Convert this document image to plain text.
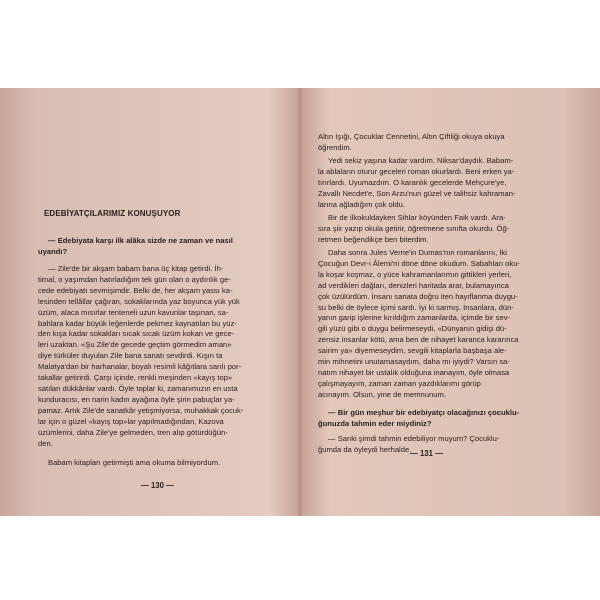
EDEBİYATÇILARIMIZ KONUŞUYOR
— Edebiyata karşı ilk alâka sizde ne zaman ve nasıl
uyandı?
— Zile'de bir akşam babam bana üç kitap getirdi. İh-
timal, o yaşımdan hatırladığım tek gün olan o aydınlık ge-
cede edebiyatı sevmişimdir. Belki de, her akşam yassı ka-
lesinden tellâllar çağıran, sokaklarında yaz boyunca yük yük
üzüm, alaca mısırlar tenteneli uzun kavunlar taşınan, sa-
bahlara kadar büyük leğenlerde pekmez kaynatılan bu yüz-
den kışa kadar sokakları sıcak sıcak üzüm kokan ve gece-
leri uzaktan. «Şu Zile'de gecede geçtim görmedim aman»
diye türküler duyulan Zile bana sanatı sevdirdi. Kışın ta
Malatya'dan bir harhanalar, boyalı resimli kâğıtlara sarılı por-
takallar getirirdi. Çarşı içinde, renkli meşinden «kayış top»
satılan dükkânlar vardı. Öyle toplar ki, zamanımızın en usta
kunduracısı, en narin kadın ayağına öyle şirin pabuçlar ya-
pamaz. Artık Zile'de sanatkâr yetişmiyorsa, muhakkak çocuk-
lar için o güzel «kayış top»lar yapılmadığından, Kazova
üzümlerini, daha Zile'ye gelmeden, tren alıp götürdüğün-
den.
Babam kitapları getirmişti ama okuma bilmiyordum.
— 130 —
Altın Işığı, Çocuklar Cennetini, Altın Çiftliği okuya okuya
öğrendim.
Yedi sekiz yaşına kadar vardım. Niksar'daydık. Babam-
la ablaların oturur geceleri roman okurlardı. Beni erken ya-
tırırlardı. Uyumazdım. O karanlık gecelerde Mehçure'ye,
Zavallı Necdet'e, Son Arzu'nun güzel ve talihsiz kahraman-
larına ağladığım çok oldu.
Bir de ilkokuldayken Sihlar köyünden Faik vardı. Ara-
sıra şiir yazıp okula getirir, öğretmene sınıfta okurdu. Öğ-
retmen beğendikçe ben biterdim.
Daha sonra Jules Verne'in Dumas'nın romanlarını, İki
Çocuğun Devr-i Âlemi'ni döne döne okudum. Sabahları oku-
la koşar koşmaz, o yüce kahramanlarımın gittikleri yerleri,
ad verdikleri dağları, denizleri haritada arar, bulamayınca
çok üzülürdüm. İnsanı sanata doğru iten hayıflanma duygu-
su belki de öylece içimi sardı. İyi ki sarmış. İnsanlara, dün-
yanın garip işlerine kırıldığım zamanlarda, içimde bir sev-
gili yüzü gibi o duygu belirmeseydi, «Dünyanın gidişi dü-
zensiz insanlar kötü, ama ben de nihayet karanca kararınca
sairim ya» diyemeseydim, sevgili kitaplarla başbaşa ale-
min mihnetini unutamasaydım, daha mı iyiydi? Varsın sa-
natım nihayet bir ustalık olduğuna inanayım, öyle olmasa
çalışmayayım, zaman zaman yazdıklarımı görüp
acınayım. Olsun, yine de memnunum.
— Bir gün meşhur bir edebiyatçı olacağınızı çocuklu-
ğunuzda tahmin eder miydiniz?
— Sanki şimdi tahmin edebiliyor muyum? Çocuklu-
ğumda da öyleydi herhalde.
— 131 —
